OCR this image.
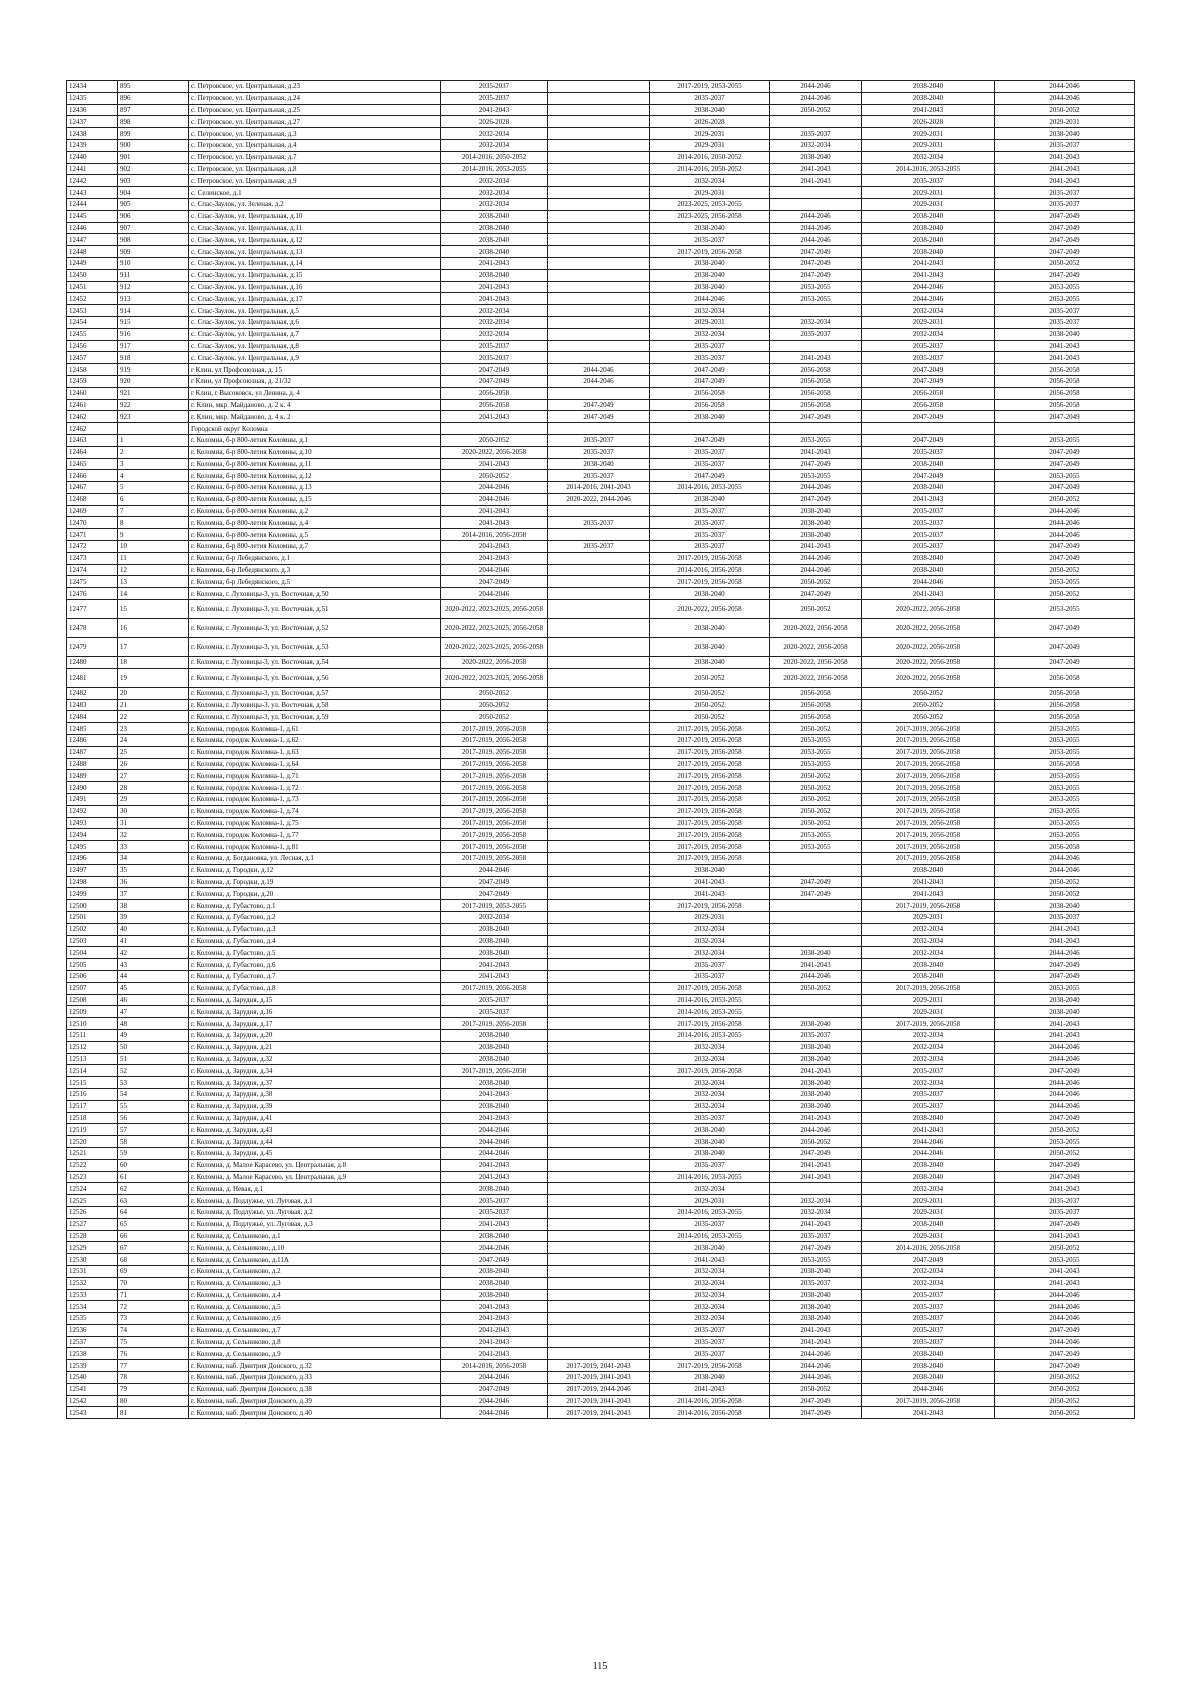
12434	895	с. Петровское, ул. Центральная, д.23	2035-2037		2017-2019, 2053-2055	2044-2046	2038-2040	2044-2046
12435	896	с. Петровское, ул. Центральная, д.24	2035-2037		2035-2037	2044-2046	2038-2040	2044-2046
12436	897	с. Петровское, ул. Центральная, д.25	2041-2043		2038-2040	2050-2052	2041-2043	2050-2052
12437	898	с. Петровское, ул. Центральная, д.27	2026-2028		2026-2028		2026-2028	2029-2031
12438	899	с. Петровское, ул. Центральная, д.3	2032-2034		2029-2031	2035-2037	2029-2031	2038-2040
12439	900	с. Петровское, ул. Центральная, д.4	2032-2034		2029-2031	2032-2034	2029-2031	2035-2037
12440	901	с. Петровское, ул. Центральная, д.7	2014-2016, 2050-2052		2014-2016, 2050-2052	2038-2040	2032-2034	2041-2043
12441	902	с. Петровское, ул. Центральная, д.8	2014-2016, 2053-2055		2014-2016, 2050-2052	2041-2043	2014-2016, 2053-2055	2041-2043
12442	903	с. Петровское, ул. Центральная, д.9	2032-2034		2032-2034	2041-2043	2035-2037	2041-2043
12443	904	с. Селинское, д.1	2032-2034		2029-2031		2029-2031	2035-2037
12444	905	с. Спас-Заулок, ул. Зеленая, д.2	2032-2034		2023-2025, 2053-2055		2029-2031	2035-2037
12445	906	с. Спас-Заулок, ул. Центральная, д.10	2038-2040		2023-2025, 2056-2058	2044-2046	2038-2040	2047-2049
12446	907	с. Спас-Заулок, ул. Центральная, д.11	2038-2040		2038-2040	2044-2046	2038-2040	2047-2049
12447	908	с. Спас-Заулок, ул. Центральная, д.12	2038-2040		2035-2037	2044-2046	2038-2040	2047-2049
12448	909	с. Спас-Заулок, ул. Центральная, д.13	2038-2040		2017-2019, 2056-2058	2047-2049	2038-2040	2047-2049
12449	910	с. Спас-Заулок, ул. Центральная, д.14	2041-2043		2038-2040	2047-2049	2041-2043	2050-2052
12450	911	с. Спас-Заулок, ул. Центральная, д.15	2038-2040		2038-2040	2047-2049	2041-2043	2047-2049
12451	912	с. Спас-Заулок, ул. Центральная, д.16	2041-2043		2038-2040	2053-2055	2044-2046	2053-2055
12452	913	с. Спас-Заулок, ул. Центральная, д.17	2041-2043		2044-2046	2053-2055	2044-2046	2053-2055
12453	914	с. Спас-Заулок, ул. Центральная, д.5	2032-2034		2032-2034		2032-2034	2035-2037
12454	915	с. Спас-Заулок, ул. Центральная, д.6	2032-2034		2029-2031	2032-2034	2029-2031	2035-2037
12455	916	с. Спас-Заулок, ул. Центральная, д.7	2032-2034		2032-2034	2035-2037	2032-2034	2038-2040
12456	917	с. Спас-Заулок, ул. Центральная, д.8	2035-2037		2035-2037		2035-2037	2041-2043
12457	918	с. Спас-Заулок, ул. Центральная, д.9	2035-2037		2035-2037	2041-2043	2035-2037	2041-2043
12458	919	г Клин, ул Профсоюзная, д. 15	2047-2049	2044-2046	2047-2049	2056-2058	2047-2049	2056-2058
12459	920	г Клин, ул Профсоюзная, д. 21/32	2047-2049	2044-2046	2047-2049	2056-2058	2047-2049	2056-2058
12460	921	г Клин, г Высоковск, ул Ленина, д. 4	2056-2058		2056-2058	2056-2058	2056-2058	2056-2058
12461	922	г. Клин, мкр. Майданово, д. 2 к. 4	2056-2058	2047-2049	2056-2058	2056-2058	2056-2058	2056-2058
12462	923	г. Клин, мкр. Майданово, д. 4 к. 2	2041-2043	2047-2049	2038-2040	2047-2049	2047-2049	2047-2049
12462		Городской округ Коломна						
12463	1	г. Коломна, б-р 800-летия Коломны, д.1	2050-2052	2035-2037	2047-2049	2053-2055	2047-2049	2053-2055
12464	2	г. Коломна, б-р 800-летия Коломны, д.10	2020-2022, 2056-2058	2035-2037	2035-2037	2041-2043	2035-2037	2047-2049
12465	3	г. Коломна, б-р 800-летия Коломны, д.11	2041-2043	2038-2040	2035-2037	2047-2049	2038-2040	2047-2049
12466	4	г. Коломна, б-р 800-летия Коломны, д.12	2050-2052	2035-2037	2047-2049	2053-2055	2047-2049	2053-2055
12467	5	г. Коломна, б-р 800-летия Коломны, д.13	2044-2046	2014-2016, 2041-2043	2014-2016, 2053-2055	2044-2046	2038-2040	2047-2049
12468	6	г. Коломна, б-р 800-летия Коломны, д.15	2044-2046	2020-2022, 2044-2046	2038-2040	2047-2049	2041-2043	2050-2052
12469	7	г. Коломна, б-р 800-летия Коломны, д.2	2041-2043		2035-2037	2038-2040	2035-2037	2044-2046
12470	8	г. Коломна, б-р 800-летия Коломны, д.4	2041-2043	2035-2037	2035-2037	2038-2040	2035-2037	2044-2046
12471	9	г. Коломна, б-р 800-летия Коломны, д.5	2014-2016, 2056-2058		2035-2037	2038-2040	2035-2037	2044-2046
12472	10	г. Коломна, б-р 800-летия Коломны, д.7	2041-2043	2035-2037	2035-2037	2041-2043	2035-2037	2047-2049
12473	11	г. Коломна, б-р Лебедянского, д.1	2041-2043		2017-2019, 2056-2058	2044-2046	2038-2040	2047-2049
12474	12	г. Коломна, б-р Лебедянского, д.3	2044-2046		2014-2016, 2056-2058	2044-2046	2038-2040	2050-2052
12475	13	г. Коломна, б-р Лебедянского, д.5	2047-2049		2017-2019, 2056-2058	2050-2052	2044-2046	2053-2055
12476	14	г. Коломна, г. Луховицы-3, ул. Восточная, д.50	2044-2046		2038-2040	2047-2049	2041-2043	2050-2052
12477	15	г. Коломна, г. Луховицы-3, ул. Восточная, д.51	2020-2022, 2023-2025, 2056-2058		2020-2022, 2056-2058	2050-2052	2020-2022, 2056-2058	2053-2055
12478	16	г. Коломна, г. Луховицы-3, ул. Восточная, д.52	2020-2022, 2023-2025, 2056-2058		2038-2040	2020-2022, 2056-2058	2020-2022, 2056-2058	2047-2049
12479	17	г. Коломна, г. Луховицы-3, ул. Восточная, д.53	2020-2022, 2023-2025, 2056-2058		2038-2040	2020-2022, 2056-2058	2020-2022, 2056-2058	2047-2049
12480	18	г. Коломна, г. Луховицы-3, ул. Восточная, д.54	2020-2022, 2056-2058		2038-2040	2020-2022, 2056-2058	2020-2022, 2056-2058	2047-2049
12481	19	г. Коломна, г. Луховицы-3, ул. Восточная, д.56	2020-2022, 2023-2025, 2056-2058		2050-2052	2020-2022, 2056-2058	2020-2022, 2056-2058	2056-2058
12482	20	г. Коломна, г. Луховицы-3, ул. Восточная, д.57	2050-2052		2050-2052	2056-2058	2050-2052	2056-2058
12483	21	г. Коломна, г. Луховицы-3, ул. Восточная, д.58	2050-2052		2050-2052	2056-2058	2050-2052	2056-2058
12484	22	г. Коломна, г. Луховицы-3, ул. Восточная, д.59	2050-2052		2050-2052	2056-2058	2050-2052	2056-2058
12485	23	г. Коломна, городок Коломна-1, д.61	2017-2019, 2056-2058		2017-2019, 2056-2058	2050-2052	2017-2019, 2056-2058	2053-2055
12486	24	г. Коломна, городок Коломна-1, д.62	2017-2019, 2056-2058		2017-2019, 2056-2058	2053-2055	2017-2019, 2056-2058	2053-2055
12487	25	г. Коломна, городок Коломна-1, д.63	2017-2019, 2056-2058		2017-2019, 2056-2058	2053-2055	2017-2019, 2056-2058	2053-2055
12488	26	г. Коломна, городок Коломна-1, д.64	2017-2019, 2056-2058		2017-2019, 2056-2058	2053-2055	2017-2019, 2056-2058	2056-2058
12489	27	г. Коломна, городок Коломна-1, д.71	2017-2019, 2056-2058		2017-2019, 2056-2058	2050-2052	2017-2019, 2056-2058	2053-2055
12490	28	г. Коломна, городок Коломна-1, д.72	2017-2019, 2056-2058		2017-2019, 2056-2058	2050-2052	2017-2019, 2056-2058	2053-2055
12491	29	г. Коломна, городок Коломна-1, д.73	2017-2019, 2056-2058		2017-2019, 2056-2058	2050-2052	2017-2019, 2056-2058	2053-2055
12492	30	г. Коломна, городок Коломна-1, д.74	2017-2019, 2056-2058		2017-2019, 2056-2058	2050-2052	2017-2019, 2056-2058	2053-2055
12493	31	г. Коломна, городок Коломна-1, д.75	2017-2019, 2056-2058		2017-2019, 2056-2058	2050-2052	2017-2019, 2056-2058	2053-2055
12494	32	г. Коломна, городок Коломна-1, д.77	2017-2019, 2056-2058		2017-2019, 2056-2058	2053-2055	2017-2019, 2056-2058	2053-2055
12495	33	г. Коломна, городок Коломна-1, д.81	2017-2019, 2056-2058		2017-2019, 2056-2058	2053-2055	2017-2019, 2056-2058	2056-2058
12496	34	г. Коломна, д. Богдановка, ул. Лесная, д.1	2017-2019, 2056-2058		2017-2019, 2056-2058		2017-2019, 2056-2058	2044-2046
12497	35	г. Коломна, д. Городки, д.12	2044-2046		2038-2040		2038-2040	2044-2046
12498	36	г. Коломна, д. Городки, д.19	2047-2049		2041-2043	2047-2049	2041-2043	2050-2052
12499	37	г. Коломна, д. Городки, д.20	2047-2049		2041-2043	2047-2049	2041-2043	2050-2052
12500	38	г. Коломна, д. Губастово, д.1	2017-2019, 2053-2055		2017-2019, 2056-2058		2017-2019, 2056-2058	2038-2040
12501	39	г. Коломна, д. Губастово, д.2	2032-2034		2029-2031		2029-2031	2035-2037
12502	40	г. Коломна, д. Губастово, д.3	2038-2040		2032-2034		2032-2034	2041-2043
12503	41	г. Коломна, д. Губастово, д.4	2038-2040		2032-2034		2032-2034	2041-2043
12504	42	г. Коломна, д. Губастово, д.5	2038-2040		2032-2034	2038-2040	2032-2034	2044-2046
12505	43	г. Коломна, д. Губастово, д.6	2041-2043		2035-2037	2041-2043	2038-2040	2047-2049
12506	44	г. Коломна, д. Губастово, д.7	2041-2043		2035-2037	2044-2046	2038-2040	2047-2049
12507	45	г. Коломна, д. Губастово, д.8	2017-2019, 2056-2058		2017-2019, 2056-2058	2050-2052	2017-2019, 2056-2058	2053-2055
12508	46	г. Коломна, д. Зарудня, д.15	2035-2037		2014-2016, 2053-2055		2029-2031	2038-2040
12509	47	г. Коломна, д. Зарудня, д.16	2035-2037		2014-2016, 2053-2055		2029-2031	2038-2040
12510	48	г. Коломна, д. Зарудня, д.17	2017-2019, 2056-2058		2017-2019, 2056-2058	2038-2040	2017-2019, 2056-2058	2041-2043
12511	49	г. Коломна, д. Зарудня, д.20	2038-2040		2014-2016, 2053-2055	2035-2037	2032-2034	2041-2043
12512	50	г. Коломна, д. Зарудня, д.21	2038-2040		2032-2034	2038-2040	2032-2034	2044-2046
12513	51	г. Коломна, д. Зарудня, д.32	2038-2040		2032-2034	2038-2040	2032-2034	2044-2046
12514	52	г. Коломна, д. Зарудня, д.34	2017-2019, 2056-2058		2017-2019, 2056-2058	2041-2043	2035-2037	2047-2049
12515	53	г. Коломна, д. Зарудня, д.37	2038-2040		2032-2034	2038-2040	2032-2034	2044-2046
12516	54	г. Коломна, д. Зарудня, д.38	2041-2043		2032-2034	2038-2040	2035-2037	2044-2046
12517	55	г. Коломна, д. Зарудня, д.39	2038-2040		2032-2034	2038-2040	2035-2037	2044-2046
12518	56	г. Коломна, д. Зарудня, д.41	2041-2043		2035-2037	2041-2043	2038-2040	2047-2049
12519	57	г. Коломна, д. Зарудня, д.43	2044-2046		2038-2040	2044-2046	2041-2043	2050-2052
12520	58	г. Коломна, д. Зарудня, д.44	2044-2046		2038-2040	2050-2052	2044-2046	2053-2055
12521	59	г. Коломна, д. Зарудня, д.45	2044-2046		2038-2040	2047-2049	2044-2046	2050-2052
12522	60	г. Коломна, д. Малое Карасево, ул. Центральная, д.8	2041-2043		2035-2037	2041-2043	2038-2040	2047-2049
12523	61	г. Коломна, д. Малое Карасево, ул. Центральная, д.9	2041-2043		2014-2016, 2053-2055	2041-2043	2038-2040	2047-2049
12524	62	г. Коломна, д. Невая, д.1	2038-2040		2032-2034		2032-2034	2041-2043
12525	63	г. Коломна, д. Подлужье, ул. Луговая, д.1	2035-2037		2029-2031	2032-2034	2029-2031	2035-2037
12526	64	г. Коломна, д. Подлужье, ул. Луговая, д.2	2035-2037		2014-2016, 2053-2055	2032-2034	2029-2031	2035-2037
12527	65	г. Коломна, д. Подлужье, ул. Луговая, д.3	2041-2043		2035-2037	2041-2043	2038-2040	2047-2049
12528	66	г. Коломна, д. Сельниково, д.1	2038-2040		2014-2016, 2053-2055	2035-2037	2029-2031	2041-2043
12529	67	г. Коломна, д. Сельниково, д.10	2044-2046		2038-2040	2047-2049	2014-2016, 2056-2058	2050-2052
12530	68	г. Коломна, д. Сельниково, д.11А	2047-2049		2041-2043	2053-2055	2047-2049	2053-2055
12531	69	г. Коломна, д. Сельниково, д.2	2038-2040		2032-2034	2038-2040	2032-2034	2041-2043
12532	70	г. Коломна, д. Сельниково, д.3	2038-2040		2032-2034	2035-2037	2032-2034	2041-2043
12533	71	г. Коломна, д. Сельниково, д.4	2038-2040		2032-2034	2038-2040	2035-2037	2044-2046
12534	72	г. Коломна, д. Сельниково, д.5	2041-2043		2032-2034	2038-2040	2035-2037	2044-2046
12535	73	г. Коломна, д. Сельниково, д.6	2041-2043		2032-2034	2038-2040	2035-2037	2044-2046
12536	74	г. Коломна, д. Сельниково, д.7	2041-2043		2035-2037	2041-2043	2035-2037	2047-2049
12537	75	г. Коломна, д. Сельниково, д.8	2041-2043		2035-2037	2041-2043	2035-2037	2044-2046
12538	76	г. Коломна, д. Сельниково, д.9	2041-2043		2035-2037	2044-2046	2038-2040	2047-2049
12539	77	г. Коломна, наб. Дмитрия Донского, д.32	2014-2016, 2056-2058	2017-2019, 2041-2043	2017-2019, 2056-2058	2044-2046	2038-2040	2047-2049
12540	78	г. Коломна, наб. Дмитрия Донского, д.33	2044-2046	2017-2019, 2041-2043	2038-2040	2044-2046	2038-2040	2050-2052
12541	79	г. Коломна, наб. Дмитрия Донского, д.38	2047-2049	2017-2019, 2044-2046	2041-2043	2050-2052	2044-2046	2050-2052
12542	80	г. Коломна, наб. Дмитрия Донского, д.39	2044-2046	2017-2019, 2041-2043	2014-2016, 2056-2058	2047-2049	2017-2019, 2056-2058	2050-2052
12543	81	г. Коломна, наб. Дмитрия Донского, д.40	2044-2046	2017-2019, 2041-2043	2014-2016, 2056-2058	2047-2049	2041-2043	2050-2052
115
